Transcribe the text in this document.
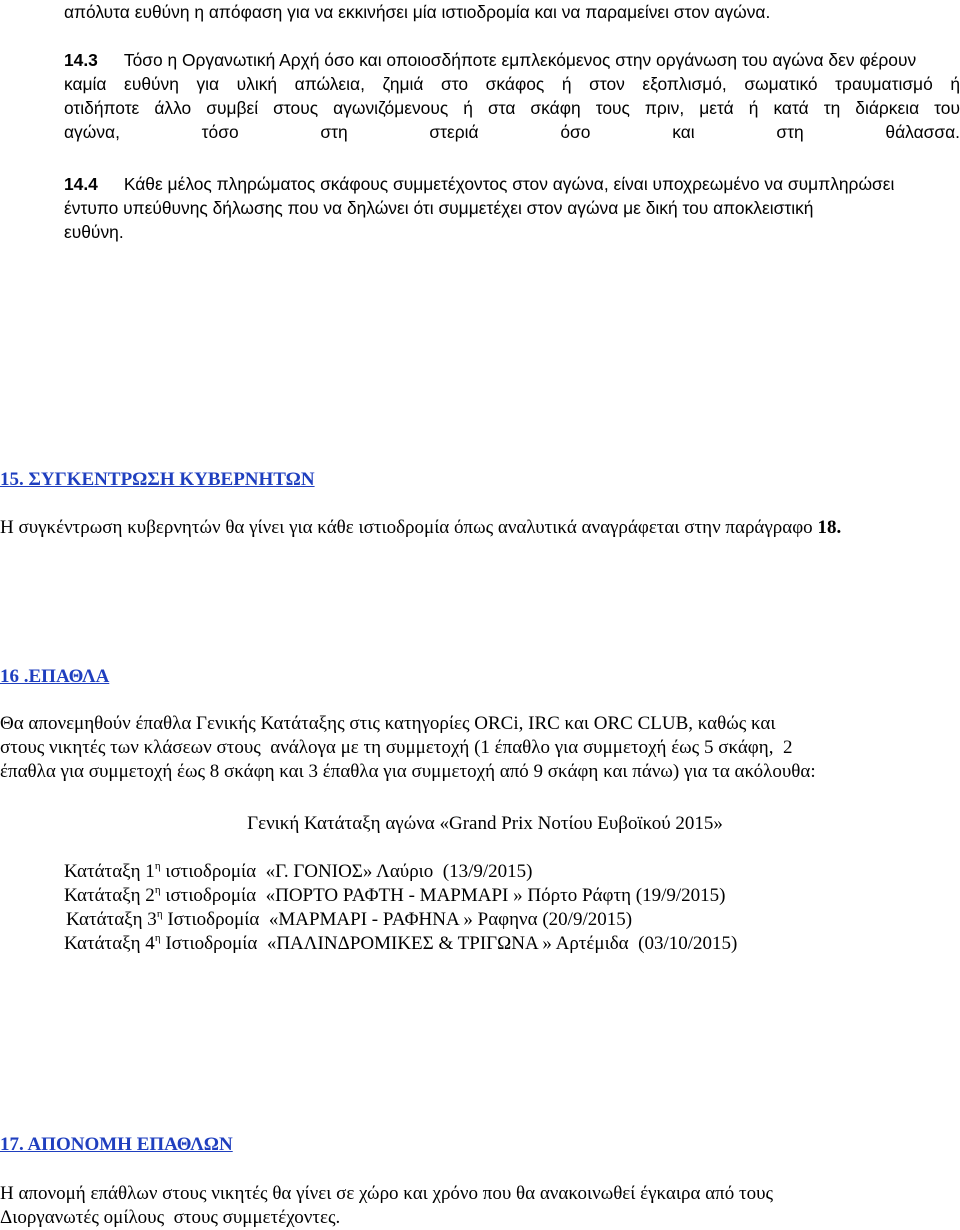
απόλυτα ευθύνη η απόφαση για να εκκινήσει μία ιστιοδρομία και να παραμείνει στον αγώνα.
14.3 Τόσο η Οργανωτική Αρχή όσο και οποιοσδήποτε εμπλεκόμενος στην οργάνωση του αγώνα δεν φέρουν
καμία ευθύνη για υλική απώλεια, ζημιά στο σκάφος ή στον εξοπλισμό, σωματικό τραυματισμό ή
οτιδήποτε άλλο συμβεί στους αγωνιζόμενους ή στα σκάφη τους πριν, μετά ή κατά τη διάρκεια του
αγώνα, τόσο στη στεριά όσο και στη θάλασσα.
14.4 Κάθε μέλος πληρώματος σκάφους συμμετέχοντος στον αγώνα, είναι υποχρεωμένο να συμπληρώσει
έντυπο υπεύθυνης δήλωσης που να δηλώνει ότι συμμετέχει στον αγώνα με δική του αποκλειστική
ευθύνη.
15. ΣΥΓΚΕΝΤΡΩΣΗ ΚΥΒΕΡΝΗΤΩΝ
Η συγκέντρωση κυβερνητών θα γίνει για κάθε ιστιοδρομία όπως αναλυτικά αναγράφεται στην παράγραφο 18.
16 .ΕΠΑΘΛΑ
Θα απονεμηθούν έπαθλα Γενικής Κατάταξης στις κατηγορίες ORCi, IRC και ORC CLUB, καθώς και
στους νικητές των κλάσεων στους  ανάλογα με τη συμμετοχή (1 έπαθλο για συμμετοχή έως 5 σκάφη,  2
έπαθλα για συμμετοχή έως 8 σκάφη και 3 έπαθλα για συμμετοχή από 9 σκάφη και πάνω) για τα ακόλουθα:
Γενική Κατάταξη αγώνα «Grand Prix Νοτίου Ευβοϊκού 2015»
Κατάταξη $1^\eta$ ιστιοδρομία  «Γ. ΓΟΝΙΟΣ» Λαύριο  (13/9/2015)
Κατάταξη $2^\eta$ ιστιοδρομία  «ΠΟΡΤΟ ΡΑΦΤΗ - ΜΑΡΜΑΡΙ » Πόρτο Ράφτη (19/9/2015)
Κατάταξη $3^\eta$ Ιστιοδρομία  «ΜΑΡΜΑΡΙ - ΡΑΦΗΝΑ » Ραφηνα (20/9/2015)
Κατάταξη $4^\eta$ Ιστιοδρομία  «ΠΑΛΙΝΔΡΟΜΙΚΕΣ & ΤΡΙΓΩΝΑ » Αρτέμιδα  (03/10/2015)
17. ΑΠΟΝΟΜΗ ΕΠΑΘΛΩΝ
Η απονομή επάθλων στους νικητές θα γίνει σε χώρο και χρόνο που θα ανακοινωθεί έγκαιρα από τους
Διοργανωτές ομίλους  στους συμμετέχοντες.
